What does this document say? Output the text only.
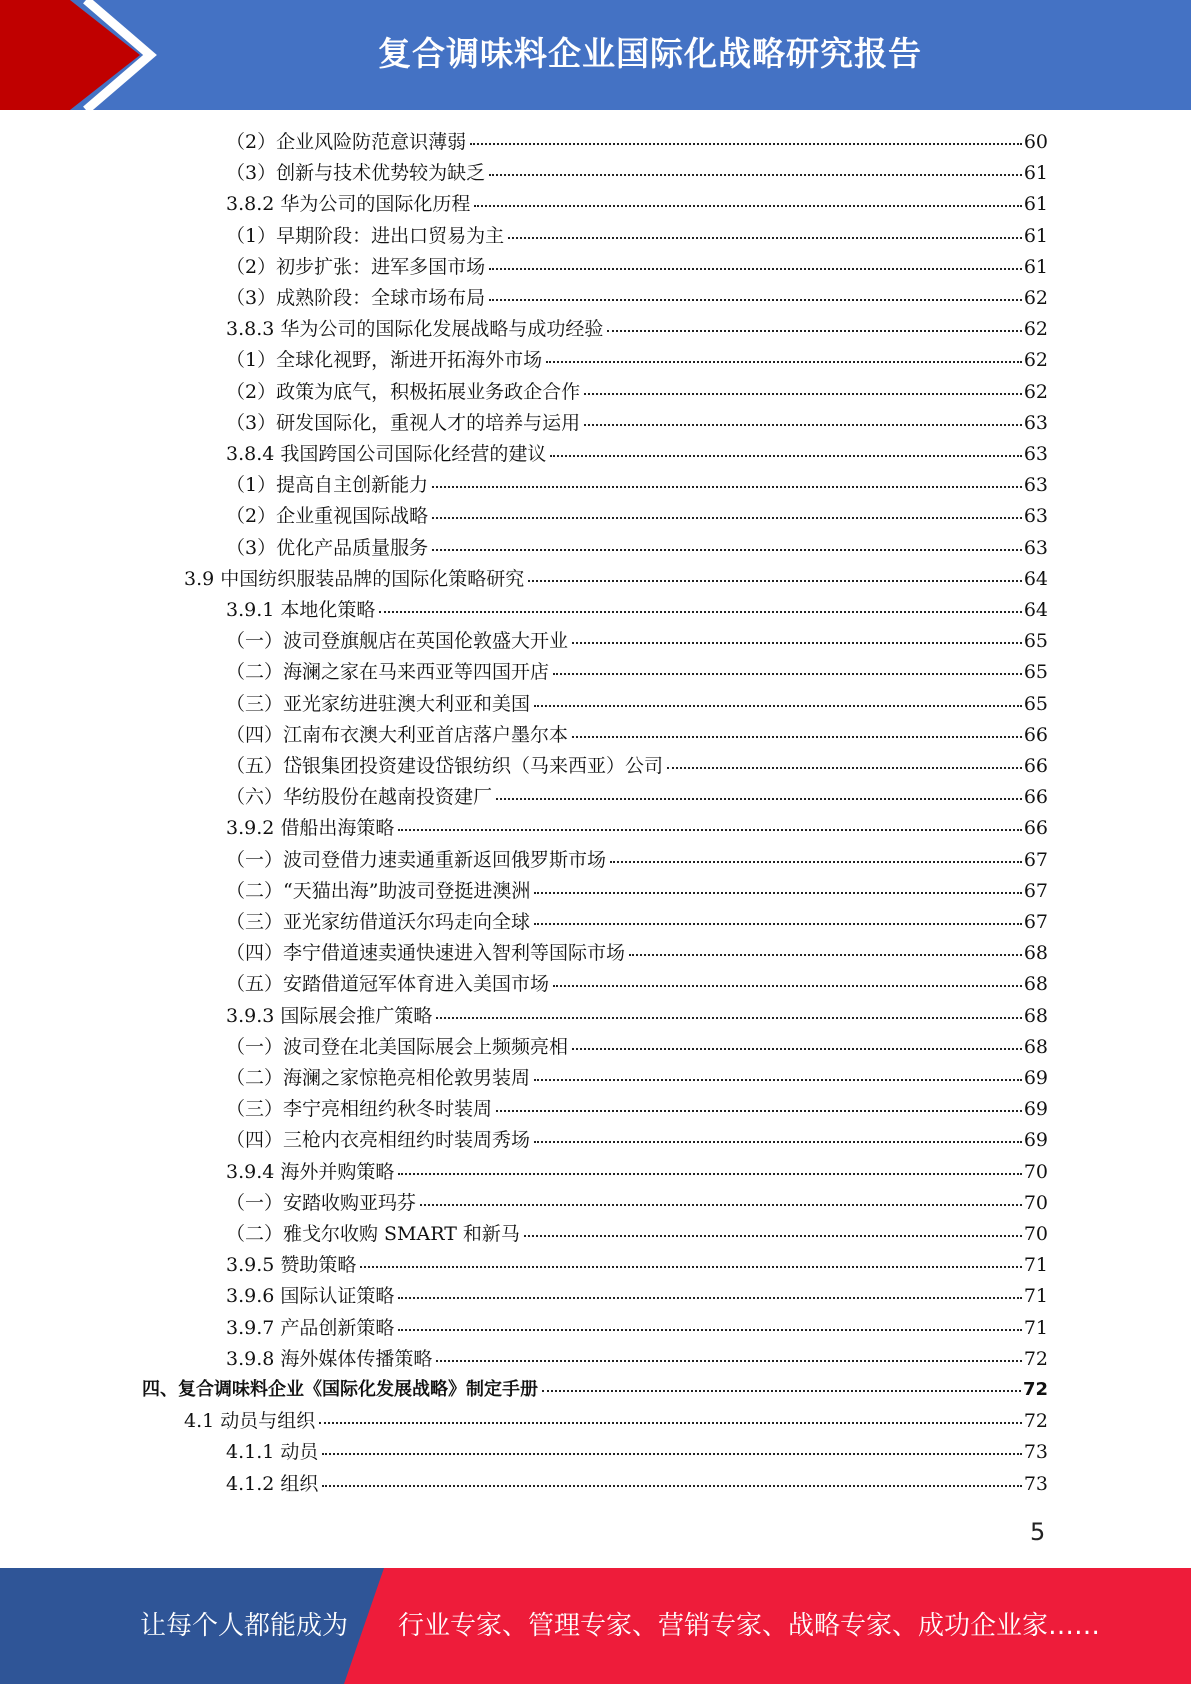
复合调味料企业国际化战略研究报告
（2）企业风险防范意识薄弱	60
（3）创新与技术优势较为缺乏	61
3.8.2 华为公司的国际化历程	61
（1）早期阶段：进出口贸易为主	61
（2）初步扩张：进军多国市场	61
（3）成熟阶段：全球市场布局	62
3.8.3 华为公司的国际化发展战略与成功经验	62
（1）全球化视野，渐进开拓海外市场	62
（2）政策为底气，积极拓展业务政企合作	62
（3）研发国际化，重视人才的培养与运用	63
3.8.4 我国跨国公司国际化经营的建议	63
（1）提高自主创新能力	63
（2）企业重视国际战略	63
（3）优化产品质量服务	63
3.9 中国纺织服装品牌的国际化策略研究	64
3.9.1 本地化策略	64
（一）波司登旗舰店在英国伦敦盛大开业	65
（二）海澜之家在马来西亚等四国开店	65
（三）亚光家纺进驻澳大利亚和美国	65
（四）江南布衣澳大利亚首店落户墨尔本	66
（五）岱银集团投资建设岱银纺织（马来西亚）公司	66
（六）华纺股份在越南投资建厂	66
3.9.2 借船出海策略	66
（一）波司登借力速卖通重新返回俄罗斯市场	67
（二）“天猫出海”助波司登挺进澳洲	67
（三）亚光家纺借道沃尔玛走向全球	67
（四）李宁借道速卖通快速进入智利等国际市场	68
（五）安踏借道冠军体育进入美国市场	68
3.9.3 国际展会推广策略	68
（一）波司登在北美国际展会上频频亮相	68
（二）海澜之家惊艳亮相伦敦男装周	69
（三）李宁亮相纽约秋冬时装周	69
（四）三枪内衣亮相纽约时装周秀场	69
3.9.4 海外并购策略	70
（一）安踏收购亚玛芬	70
（二）雅戈尔收购 SMART 和新马	70
3.9.5 赞助策略	71
3.9.6 国际认证策略	71
3.9.7 产品创新策略	71
3.9.8 海外媒体传播策略	72
四、复合调味料企业《国际化发展战略》制定手册	72
4.1 动员与组织	72
4.1.1 动员	73
4.1.2 组织	73
5
让每个人都能成为 行业专家、管理专家、营销专家、战略专家、成功企业家……
